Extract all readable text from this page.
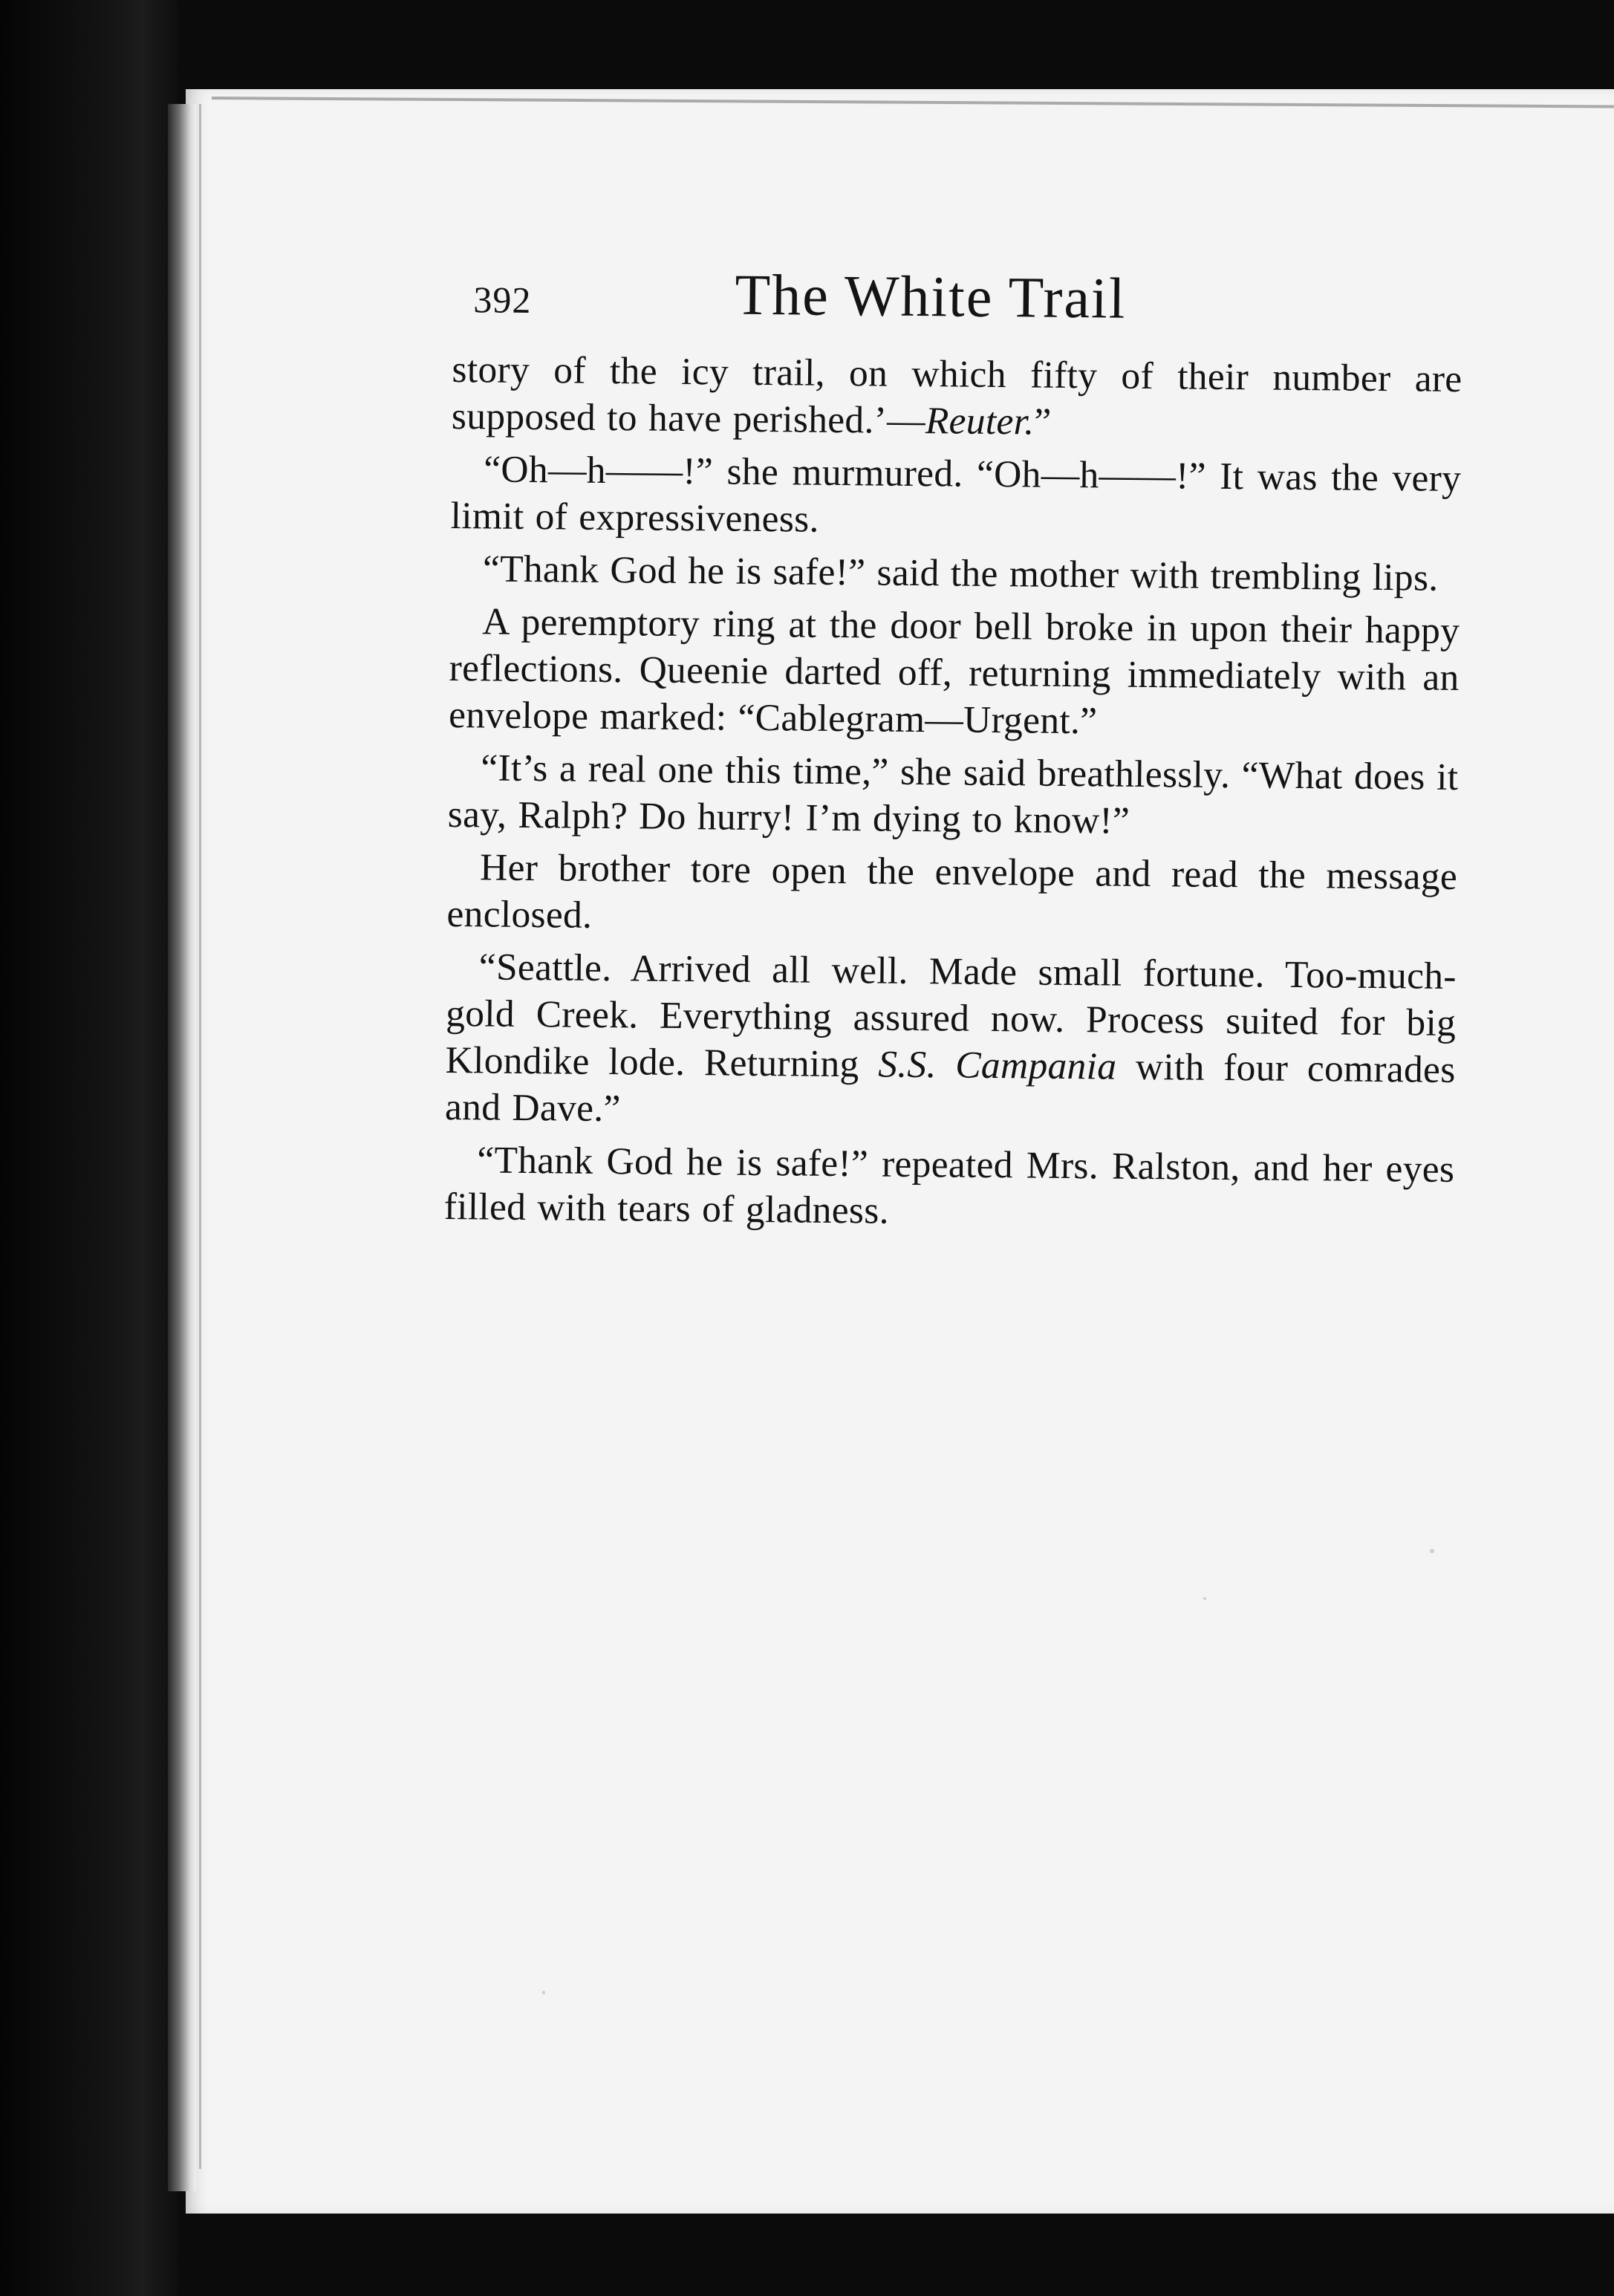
392	The White Trail

story of the icy trail, on which fifty of their number are supposed to have perished.’—Reuter.”

“Oh—h——!” she murmured. “Oh—h——!” It was the very limit of expressiveness.

“Thank God he is safe!” said the mother with trembling lips.

A peremptory ring at the door bell broke in upon their happy reflections. Queenie darted off, returning immediately with an envelope marked: “Cablegram—Urgent.”

“It’s a real one this time,” she said breathlessly. “What does it say, Ralph? Do hurry! I’m dying to know!”

Her brother tore open the envelope and read the message enclosed.

“Seattle. Arrived all well. Made small fortune. Too-much-gold Creek. Everything assured now. Process suited for big Klondike lode. Returning S.S. Campania with four comrades and Dave.”

“Thank God he is safe!” repeated Mrs. Ralston, and her eyes filled with tears of gladness.
